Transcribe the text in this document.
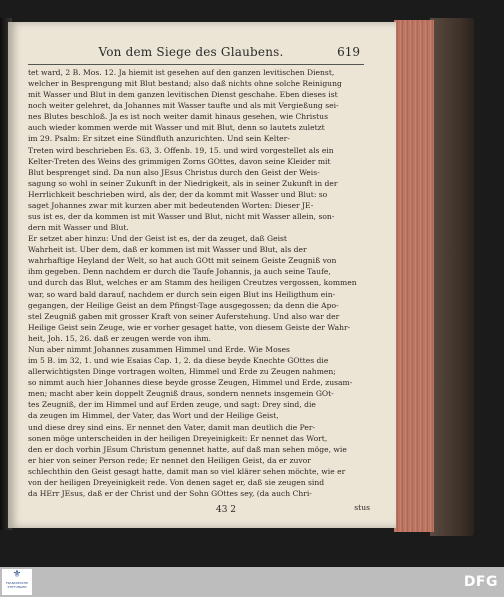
Von dem Siege des Glaubens.	619
tet ward, 2 B. Mos. 12. Ja hiemit ist gesehen auf den ganzen levitischen Dienst,
welcher in Besprengung mit Blut bestand; also daß nichts ohne solche Reinigung
mit Wasser und Blut in dem ganzen levitischen Dienst geschahe. Eben dieses ist
noch weiter gelehret, da Johannes mit Wasser taufte und als mit Vergießung sei-
nes Blutes beschloß. Ja es ist noch weiter damit hinaus gesehen, wie Christus
auch wieder kommen werde mit Wasser und mit Blut, denn so lautets zuletzt
im 29. Psalm: Er sitzet eine Sündfluth anzurichten. Und sein Kelter-
Treten wird beschrieben Es. 63, 3. Offenb. 19, 15. und wird vorgestellet als ein
Kelter-Treten des Weins des grimmigen Zorns GOttes, davon seine Kleider mit
Blut besprenget sind. Da nun also JEsus Christus durch den Geist der Weis-
sagung so wohl in seiner Zukunft in der Niedrigkeit, als in seiner Zukunft in der
Herrlichkeit beschrieben wird, als der, der da kommt mit Wasser und Blut: so
saget Johannes zwar mit kurzen aber mit bedeutenden Worten: Dieser JE-
sus ist es, der da kommen ist mit Wasser und Blut, nicht mit Wasser allein, son-
dern mit Wasser und Blut.
Er setzet aber hinzu: Und der Geist ist es, der da zeuget, daß Geist
Wahrheit ist. Uber dem, daß er kommen ist mit Wasser und Blut, als der
wahrhaftige Heyland der Welt, so hat auch GOtt mit seinem Geiste Zeugniß von
ihm gegeben. Denn nachdem er durch die Taufe Johannis, ja auch seine Taufe,
und durch das Blut, welches er am Stamm des heiligen Creutzes vergossen, kommen
war, so ward bald darauf, nachdem er durch sein eigen Blut ins Heiligthum ein-
gegangen, der Heilige Geist an dem Pfingst-Tage ausgegossen; da denn die Apo-
stel Zeugniß gaben mit grosser Kraft von seiner Auferstehung. Und also war der
Heilige Geist sein Zeuge, wie er vorher gesaget hatte, von diesem Geiste der Wahr-
heit, Joh. 15, 26. daß er zeugen werde von ihm.
Nun aber nimmt Johannes zusammen Himmel und Erde. Wie Moses
im 5 B. im 32, 1. und wie Esaias Cap. 1, 2. da diese beyde Knechte GOttes die
allerwichtigsten Dinge vortragen wolten, Himmel und Erde zu Zeugen nahmen;
so nimmt auch hier Johannes diese beyde grosse Zeugen, Himmel und Erde, zusam-
men; macht aber kein doppelt Zeugniß draus, sondern nennets insgemein GOt-
tes Zeugniß, der im Himmel und auf Erden zeuge, und sagt: Drey sind, die
da zeugen im Himmel, der Vater, das Wort und der Heilige Geist,
und diese drey sind eins. Er nennet den Vater, damit man deutlich die Per-
sonen möge unterscheiden in der heiligen Dreyeinigkeit: Er nennet das Wort,
den er doch vorhin JEsum Christum genennet hatte, auf daß man sehen möge, wie
er hier von seiner Person rede; Er nennet den Heiligen Geist, da er zuvor
schlechthin den Geist gesagt hatte, damit man so viel klärer sehen möchte, wie er
von der heiligen Dreyeinigkeit rede. Von denen saget er, daß sie zeugen sind
da HErr JEsus, daß er der Christ und der Sohn GOttes sey, (da auch Chri-
43 2	stus
⚜
FRANCKESCHE STIFTUNGEN	DFG
